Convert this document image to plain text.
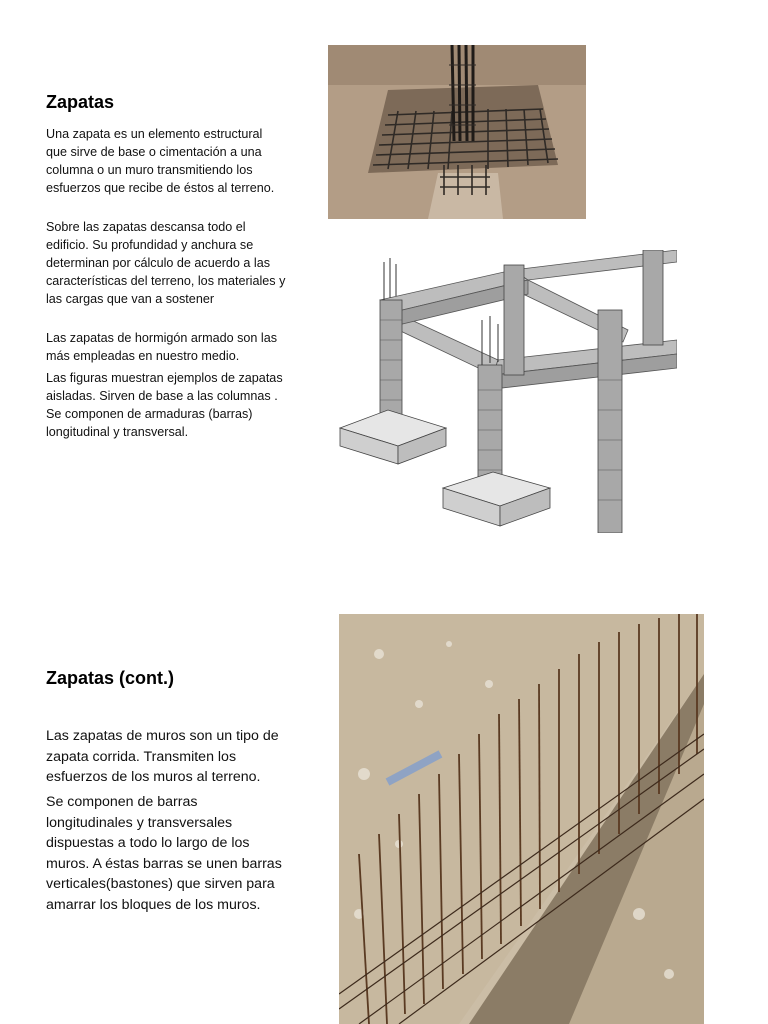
Zapatas

Una zapata es un elemento estructural que sirve de base o cimentación a una columna o un muro transmitiendo los esfuerzos que recibe de éstos al terreno.

Sobre las zapatas descansa todo el edificio. Su profundidad y anchura se determinan por cálculo de acuerdo a las características del terreno, los materiales y las cargas que van a sostener

Las zapatas de hormigón armado son las más empleadas en nuestro medio.

Las figuras muestran ejemplos de zapatas aisladas. Sirven de base a las columnas . Se componen de armaduras (barras) longitudinal y transversal.

Zapatas (cont.)

Las zapatas de muros son un tipo de zapata corrida. Transmiten los esfuerzos de los muros al terreno.

Se componen de barras longitudinales y transversales dispuestas a todo lo largo de los muros. A éstas barras se unen barras verticales(bastones) que sirven para amarrar los bloques de los muros.
